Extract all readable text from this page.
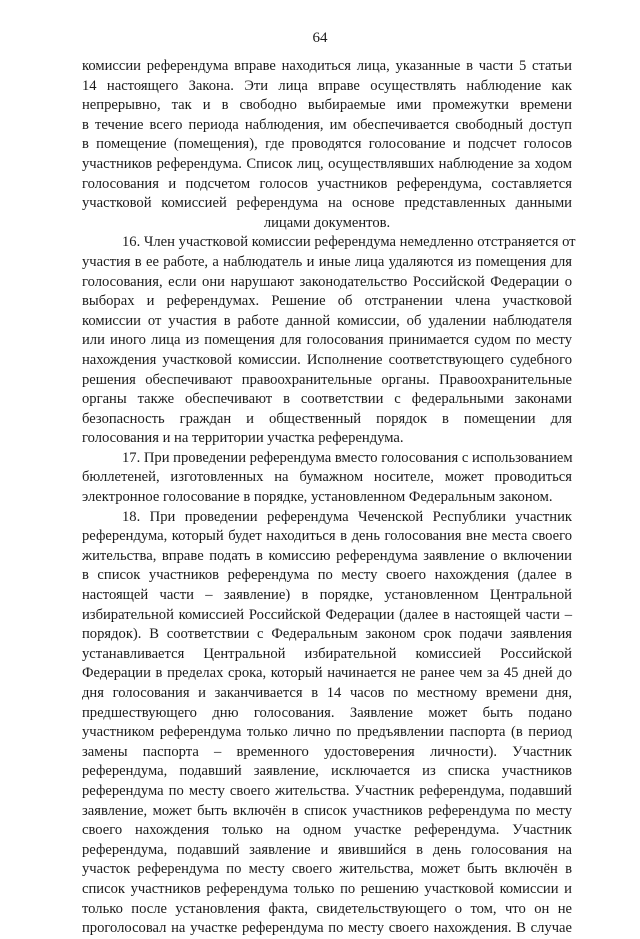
64
комиссии референдума вправе находиться лица, указанные в части 5 статьи
14 настоящего Закона. Эти лица вправе осуществлять наблюдение как
непрерывно, так и в свободно выбираемые ими промежутки времени
в течение всего периода наблюдения, им обеспечивается свободный доступ
в помещение (помещения), где проводятся голосование и подсчет голосов
участников референдума. Список лиц, осуществлявших наблюдение за ходом
голосования и подсчетом голосов участников референдума, составляется
участковой комиссией референдума на основе представленных данными
лицами документов.
16. Член участковой комиссии референдума немедленно отстраняется от
участия в ее работе, а наблюдатель и иные лица удаляются из помещения для
голосования, если они нарушают законодательство Российской Федерации о
выборах и референдумах. Решение об отстранении члена участковой
комиссии от участия в работе данной комиссии, об удалении наблюдателя
или иного лица из помещения для голосования принимается судом по месту
нахождения участковой комиссии. Исполнение соответствующего судебного
решения обеспечивают правоохранительные органы. Правоохранительные
органы также обеспечивают в соответствии с федеральными законами
безопасность граждан и общественный порядок в помещении для
голосования и на территории участка референдума.
17. При проведении референдума вместо голосования с использованием
бюллетеней, изготовленных на бумажном носителе, может проводиться
электронное голосование в порядке, установленном Федеральным законом.
18. При проведении референдума Чеченской Республики участник
референдума, который будет находиться в день голосования вне места своего
жительства, вправе подать в комиссию референдума заявление о включении
в список участников референдума по месту своего нахождения (далее в
настоящей части – заявление) в порядке, установленном Центральной
избирательной комиссией Российской Федерации (далее в настоящей части –
порядок). В соответствии с Федеральным законом срок подачи заявления
устанавливается Центральной избирательной комиссией Российской
Федерации в пределах срока, который начинается не ранее чем за 45 дней до
дня голосования и заканчивается в 14 часов по местному времени дня,
предшествующего дню голосования. Заявление может быть подано
участником референдума только лично по предъявлении паспорта (в период
замены паспорта – временного удостоверения личности). Участник
референдума, подавший заявление, исключается из списка участников
референдума по месту своего жительства. Участник референдума, подавший
заявление, может быть включён в список участников референдума по месту
своего нахождения только на одном участке референдума. Участник
референдума, подавший заявление и явившийся в день голосования на
участок референдума по месту своего жительства, может быть включён в
список участников референдума только по решению участковой комиссии и
только после установления факта, свидетельствующего о том, что он не
проголосовал на участке референдума по месту своего нахождения. В случае
